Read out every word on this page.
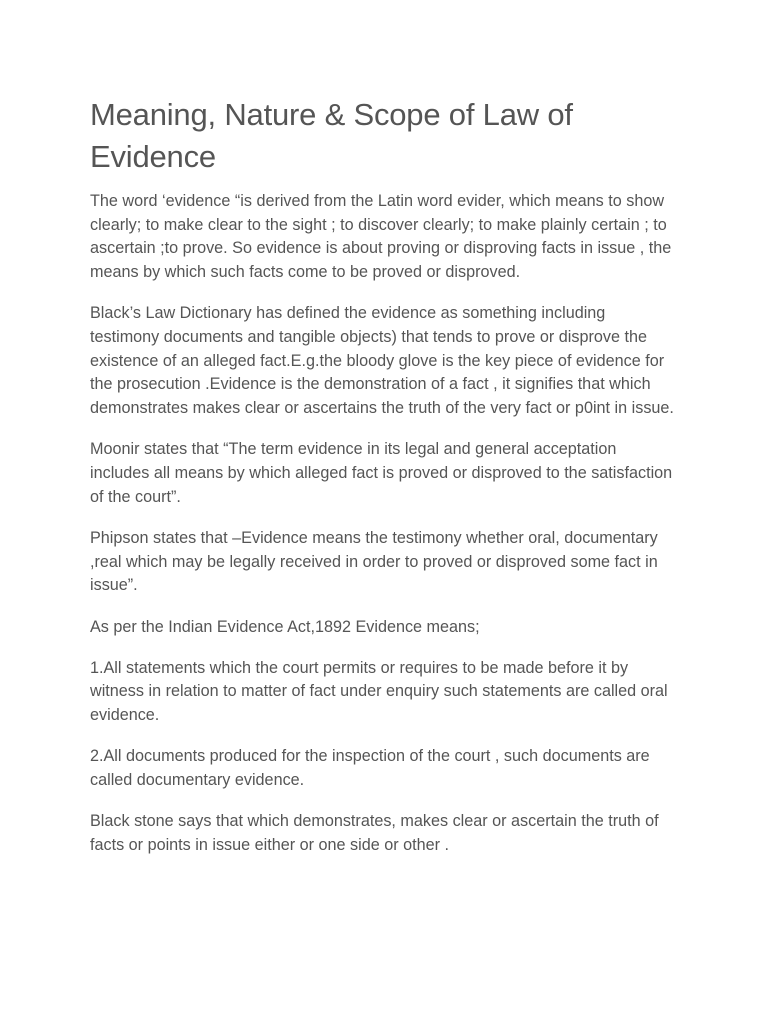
Meaning, Nature & Scope of Law of Evidence

The word ‘evidence “is derived from the Latin word evider, which means to show clearly; to make clear to the sight ; to discover clearly; to make plainly certain ; to ascertain ;to prove. So evidence is about proving or disproving facts in issue , the means by which such facts come to be proved or disproved.

Black’s Law Dictionary has defined the evidence as something including testimony documents and tangible objects) that tends to prove or disprove the existence of an alleged fact.E.g.the bloody glove is the key piece of evidence for the prosecution .Evidence is the demonstration of a fact , it signifies that which demonstrates makes clear or ascertains the truth of the very fact or p0int in issue.

Moonir states that “The term evidence in its legal and general acceptation includes all means by which alleged fact is proved or disproved to the satisfaction of the court”.

Phipson states that –Evidence means the testimony whether oral, documentary ,real which may be legally received in order to proved or disproved some fact in issue”.

As per the Indian Evidence Act,1892 Evidence means;

1.All statements which the court permits or requires to be made before it by witness in relation to matter of fact under enquiry such statements are called oral evidence.

2.All documents produced for the inspection of the court , such documents are called documentary evidence.

Black stone says that which demonstrates, makes clear or ascertain the truth of facts or points in issue either or one side or other .
